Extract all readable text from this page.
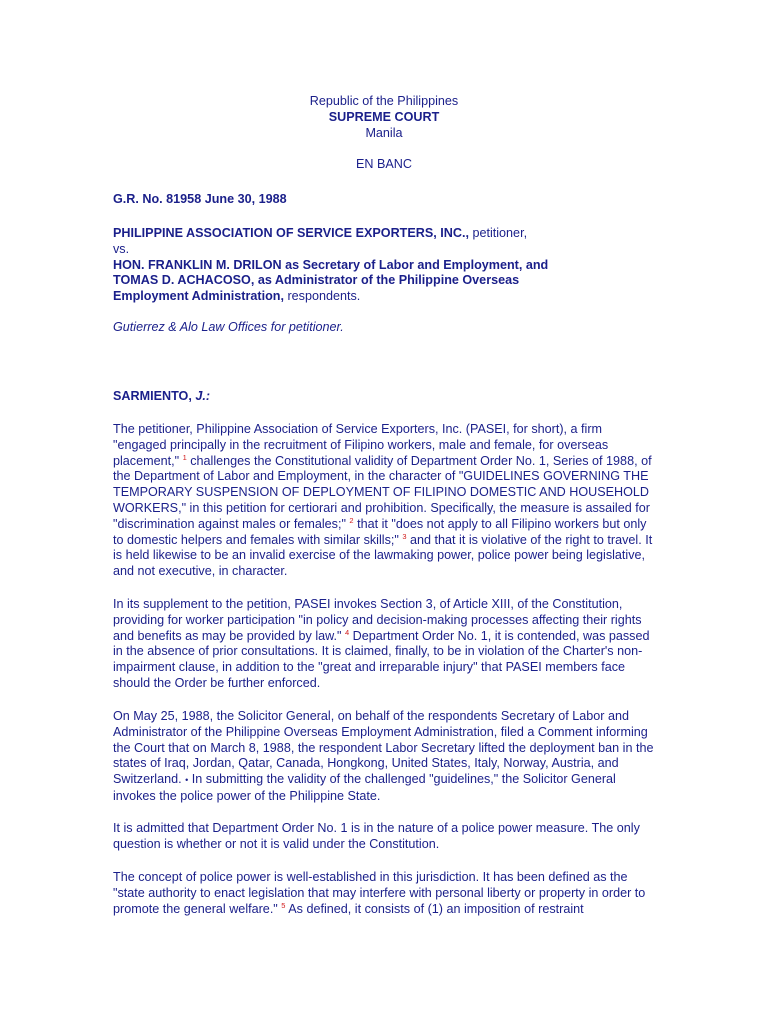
Republic of the Philippines
SUPREME COURT
Manila
EN BANC
G.R. No. 81958 June 30, 1988

PHILIPPINE ASSOCIATION OF SERVICE EXPORTERS, INC., petitioner,

vs.

HON. FRANKLIN M. DRILON as Secretary of Labor and Employment, and TOMAS D. ACHACOSO, as Administrator of the Philippine Overseas Employment Administration, respondents.

Gutierrez & Alo Law Offices for petitioner.
SARMIENTO, J.:

The petitioner, Philippine Association of Service Exporters, Inc. (PASEI, for short), a firm "engaged principally in the recruitment of Filipino workers, male and female, for overseas placement," $^1$ challenges the Constitutional validity of Department Order No. 1, Series of 1988, of the Department of Labor and Employment, in the character of "GUIDELINES GOVERNING THE TEMPORARY SUSPENSION OF DEPLOYMENT OF FILIPINO DOMESTIC AND HOUSEHOLD WORKERS," in this petition for certiorari and prohibition. Specifically, the measure is assailed for "discrimination against males or females;" $^2$ that it "does not apply to all Filipino workers but only to domestic helpers and females with similar skills;" $^3$ and that it is violative of the right to travel. It is held likewise to be an invalid exercise of the lawmaking power, police power being legislative, and not executive, in character.

In its supplement to the petition, PASEI invokes Section 3, of Article XIII, of the Constitution, providing for worker participation "in policy and decision-making processes affecting their rights and benefits as may be provided by law." $^4$ Department Order No. 1, it is contended, was passed in the absence of prior consultations. It is claimed, finally, to be in violation of the Charter's non-impairment clause, in addition to the "great and irreparable injury" that PASEI members face should the Order be further enforced.

On May 25, 1988, the Solicitor General, on behalf of the respondents Secretary of Labor and Administrator of the Philippine Overseas Employment Administration, filed a Comment informing the Court that on March 8, 1988, the respondent Labor Secretary lifted the deployment ban in the states of Iraq, Jordan, Qatar, Canada, Hongkong, United States, Italy, Norway, Austria, and Switzerland. • In submitting the validity of the challenged "guidelines," the Solicitor General invokes the police power of the Philippine State.

It is admitted that Department Order No. 1 is in the nature of a police power measure. The only question is whether or not it is valid under the Constitution.

The concept of police power is well-established in this jurisdiction. It has been defined as the "state authority to enact legislation that may interfere with personal liberty or property in order to promote the general welfare." $^5$ As defined, it consists of (1) an imposition of restraint
